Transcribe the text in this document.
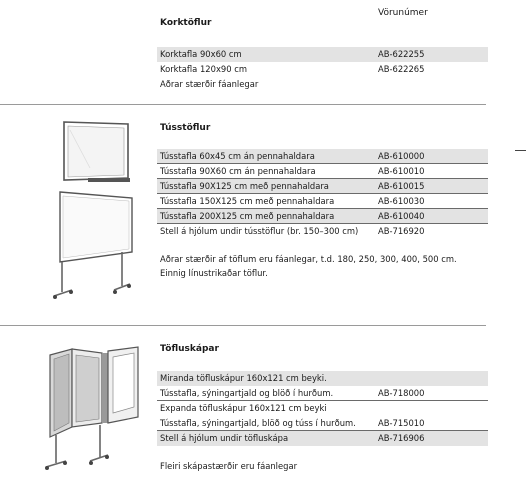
Vörunúmer
Korktöflur
Korktafla 90x60 cm	AB-622255
Korktafla 120x90 cm	AB-622265
Aðrar stærðir fáanlegar
Tússtöflur
Tússtafla 60x45 cm án pennahaldara	AB-610000
Tússtafla 90X60 cm án pennahaldara	AB-610010
Tússtafla 90X125 cm með pennahaldara	AB-610015
Tússtafla 150X125 cm með pennahaldara	AB-610030
Tússtafla 200X125 cm með pennahaldara	AB-610040
Stell á hjólum undir tússtöflur (br. 150–300 cm) AB-716920
Aðrar stærðir af töflum eru fáanlegar, t.d. 180, 250, 300, 400, 500 cm.
Einnig línustrikaðar töflur.
Töfluskápar
Miranda töfluskápur 160x121 cm beyki.
Tússtafla, sýningartjald og blöð í hurðum.	AB-718000
Expanda töfluskápur 160x121 cm beyki
Tússtafla, sýningartjald, blöð og túss í hurðum.	AB-715010
Stell á hjólum undir töfluskápa	AB-716906
Fleiri skápastærðir eru fáanlegar
